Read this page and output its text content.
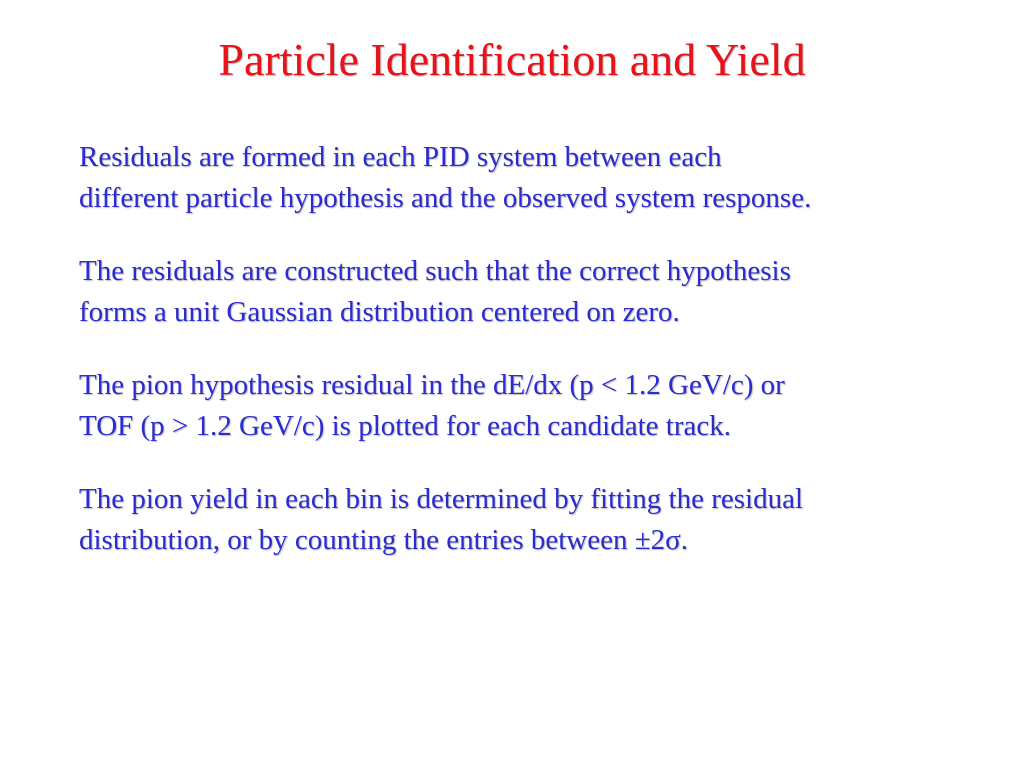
Particle Identification and Yield

Residuals are formed in each PID system between each
different particle hypothesis and the observed system response.

The residuals are constructed such that the correct hypothesis
forms a unit Gaussian distribution centered on zero.

The pion hypothesis residual in the dE/dx (p < 1.2 GeV/c) or
TOF (p > 1.2 GeV/c) is plotted for each candidate track.

The pion yield in each bin is determined by fitting the residual
distribution, or by counting the entries between ±2σ.
